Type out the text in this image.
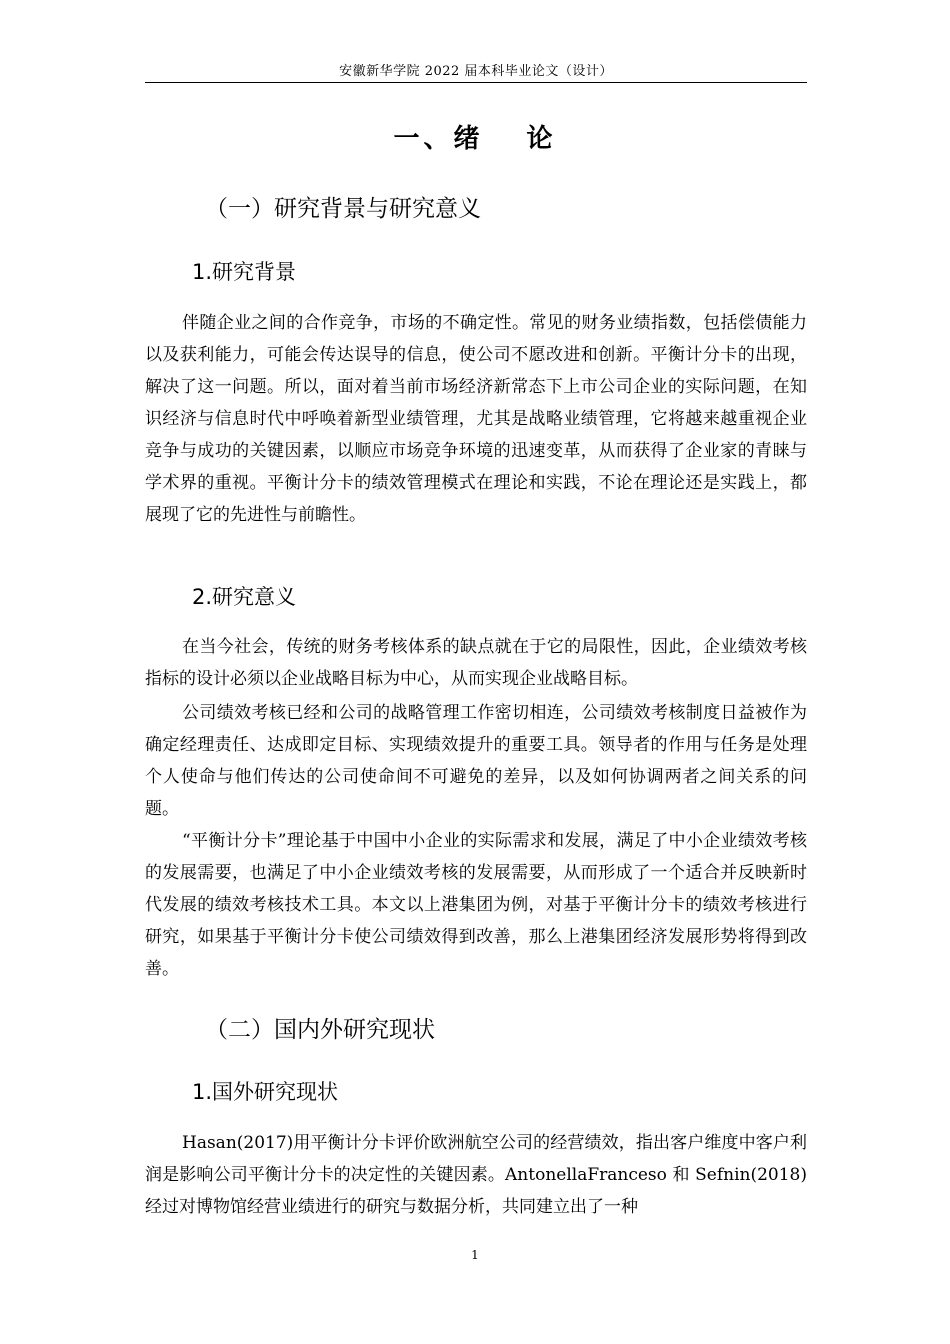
安徽新华学院 2022 届本科毕业论文（设计）
一、绪 论
（一）研究背景与研究意义
1.研究背景
伴随企业之间的合作竞争，市场的不确定性。常见的财务业绩指数，包括偿债能力以及获利能力，可能会传达误导的信息，使公司不愿改进和创新。平衡计分卡的出现，解决了这一问题。所以，面对着当前市场经济新常态下上市公司企业的实际问题，在知识经济与信息时代中呼唤着新型业绩管理，尤其是战略业绩管理，它将越来越重视企业竞争与成功的关键因素，以顺应市场竞争环境的迅速变革，从而获得了企业家的青睐与学术界的重视。平衡计分卡的绩效管理模式在理论和实践，不论在理论还是实践上，都展现了它的先进性与前瞻性。
2.研究意义
在当今社会，传统的财务考核体系的缺点就在于它的局限性，因此，企业绩效考核指标的设计必须以企业战略目标为中心，从而实现企业战略目标。
公司绩效考核已经和公司的战略管理工作密切相连，公司绩效考核制度日益被作为确定经理责任、达成即定目标、实现绩效提升的重要工具。领导者的作用与任务是处理个人使命与他们传达的公司使命间不可避免的差异，以及如何协调两者之间关系的问题。
“平衡计分卡”理论基于中国中小企业的实际需求和发展，满足了中小企业绩效考核的发展需要，也满足了中小企业绩效考核的发展需要，从而形成了一个适合并反映新时代发展的绩效考核技术工具。本文以上港集团为例，对基于平衡计分卡的绩效考核进行研究，如果基于平衡计分卡使公司绩效得到改善，那么上港集团经济发展形势将得到改善。
（二）国内外研究现状
1.国外研究现状
Hasan(2017)用平衡计分卡评价欧洲航空公司的经营绩效，指出客户维度中客户利润是影响公司平衡计分卡的决定性的关键因素。AntonellaFranceso 和 Sefnin(2018)经过对博物馆经营业绩进行的研究与数据分析，共同建立出了一种
1
